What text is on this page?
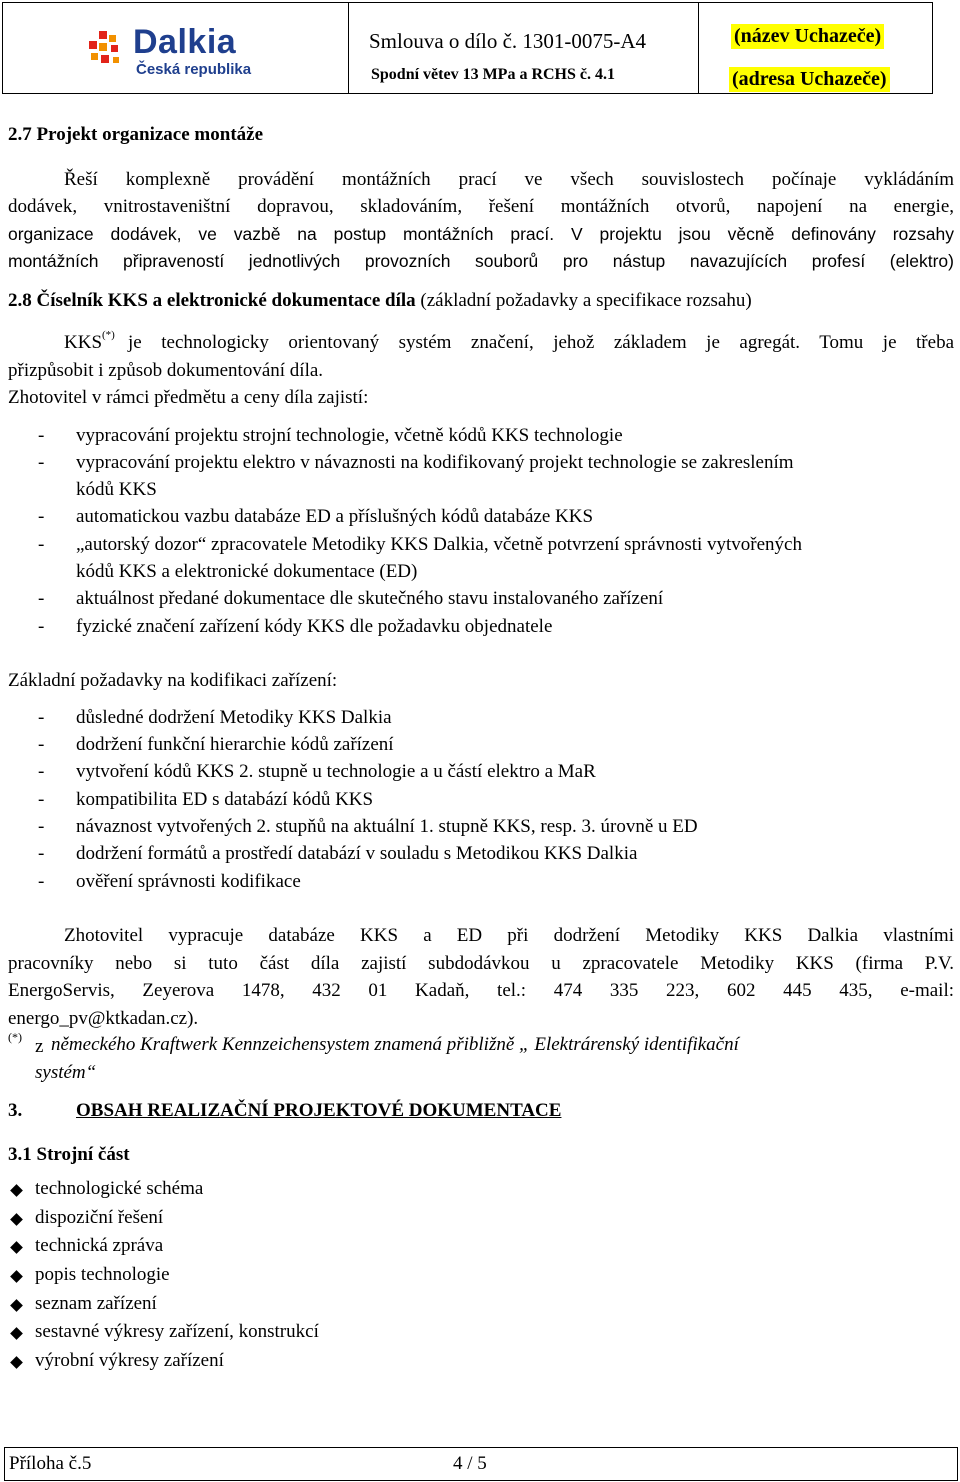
Dalkia
Česká republika
Smlouva o dílo č. 1301-0075-A4
Spodní větev 13 MPa a RCHS č. 4.1
(název Uchazeče)
(adresa Uchazeče)
2.7 Projekt organizace montáže
Řeší komplexně provádění montážních prací ve všech souvislostech počínaje vykládáním
dodávek, vnitrostaveništní dopravou, skladováním, řešení montážních otvorů, napojení na energie,
organizace dodávek, ve vazbě na postup montážních prací. V projektu jsou věcně definovány rozsahy
montážních připraveností jednotlivých provozních souborů pro nástup navazujících profesí (elektro)
2.8 Číselník KKS a elektronické dokumentace díla (základní požadavky a specifikace rozsahu)
KKS(*) je technologicky orientovaný systém značení, jehož základem je agregát. Tomu je třeba
přizpůsobit i způsob dokumentování díla.
Zhotovitel v rámci předmětu a ceny díla zajistí:
- vypracování projektu strojní technologie, včetně kódů KKS technologie
- vypracování projektu elektro v návaznosti na kodifikovaný projekt technologie se zakreslením
kódů KKS
- automatickou vazbu databáze ED a příslušných kódů databáze KKS
- „autorský dozor“ zpracovatele Metodiky KKS Dalkia, včetně potvrzení správnosti vytvořených
kódů KKS a elektronické dokumentace (ED)
- aktuálnost předané dokumentace dle skutečného stavu instalovaného zařízení
- fyzické značení zařízení kódy KKS dle požadavku objednatele
Základní požadavky na kodifikaci zařízení:
- důsledné dodržení Metodiky KKS Dalkia
- dodržení funkční hierarchie kódů zařízení
- vytvoření kódů KKS 2. stupně u technologie a u částí elektro a MaR
- kompatibilita ED s databází kódů KKS
- návaznost vytvořených 2. stupňů na aktuální 1. stupně KKS, resp. 3. úrovně u ED
- dodržení formátů a prostředí databází v souladu s Metodikou KKS Dalkia
- ověření správnosti kodifikace
Zhotovitel vypracuje databáze KKS a ED při dodržení Metodiky KKS Dalkia vlastními
pracovníky nebo si tuto část díla zajistí subdodávkou u zpracovatele Metodiky KKS (firma P.V.
EnergoServis, Zeyerova 1478, 432 01 Kadaň, tel.: 474 335 223, 602 445 435, e-mail:
energo_pv@ktkadan.cz).
(*) z německého Kraftwerk Kennzeichensystem znamená přibližně „ Elektrárenský identifikační
systém“
3.	OBSAH REALIZAČNÍ PROJEKTOVÉ DOKUMENTACE
3.1 Strojní část
technologické schéma
dispoziční řešení
technická zpráva
popis technologie
seznam zařízení
sestavné výkresy zařízení, konstrukcí
výrobní výkresy zařízení
Příloha č.5	4 / 5
